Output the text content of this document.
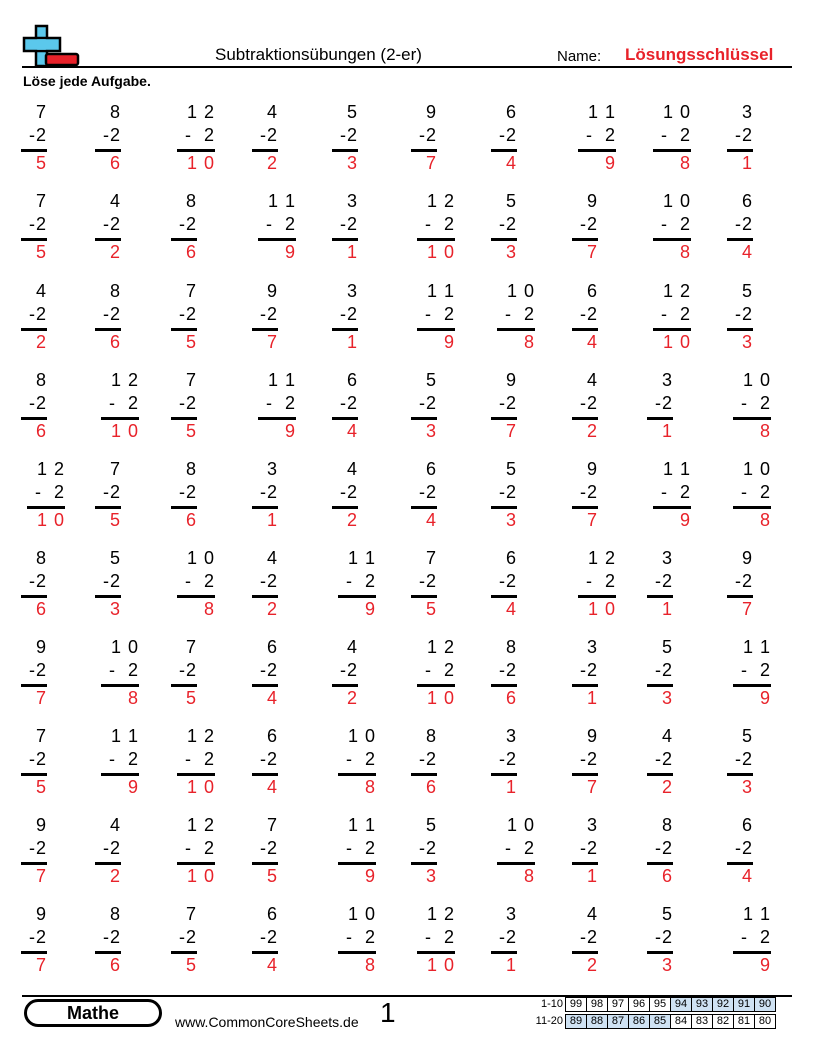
Subtraktionsübungen (2-er)	Name: Lösungsschlüssel
Löse jede Aufgabe.
7
-2
5
8
-2
6
1 2
-  2
1 0
4
-2
2
5
-2
3
9
-2
7
6
-2
4
1 1
-  2
9
1 0
-  2
8
3
-2
1
7
-2
5
4
-2
2
8
-2
6
1 1
-  2
9
3
-2
1
1 2
-  2
1 0
5
-2
3
9
-2
7
1 0
-  2
8
6
-2
4
4
-2
2
8
-2
6
7
-2
5
9
-2
7
3
-2
1
1 1
-  2
9
1 0
-  2
8
6
-2
4
1 2
-  2
1 0
5
-2
3
8
-2
6
1 2
-  2
1 0
7
-2
5
1 1
-  2
9
6
-2
4
5
-2
3
9
-2
7
4
-2
2
3
-2
1
1 0
-  2
8
1 2
-  2
1 0
7
-2
5
8
-2
6
3
-2
1
4
-2
2
6
-2
4
5
-2
3
9
-2
7
1 1
-  2
9
1 0
-  2
8
8
-2
6
5
-2
3
1 0
-  2
8
4
-2
2
1 1
-  2
9
7
-2
5
6
-2
4
1 2
-  2
1 0
3
-2
1
9
-2
7
9
-2
7
1 0
-  2
8
7
-2
5
6
-2
4
4
-2
2
1 2
-  2
1 0
8
-2
6
3
-2
1
5
-2
3
1 1
-  2
9
7
-2
5
1 1
-  2
9
1 2
-  2
1 0
6
-2
4
1 0
-  2
8
8
-2
6
3
-2
1
9
-2
7
4
-2
2
5
-2
3
9
-2
7
4
-2
2
1 2
-  2
1 0
7
-2
5
1 1
-  2
9
5
-2
3
1 0
-  2
8
3
-2
1
8
-2
6
6
-2
4
9
-2
7
8
-2
6
7
-2
5
6
-2
4
1 0
-  2
8
1 2
-  2
1 0
3
-2
1
4
-2
2
5
-2
3
1 1
-  2
9
Mathe	www.CommonCoreSheets.de 1	1-10 99 98 97 96 95 94 93 92 91 90
11-20 89 88 87 86 85 84 83 82 81 80
